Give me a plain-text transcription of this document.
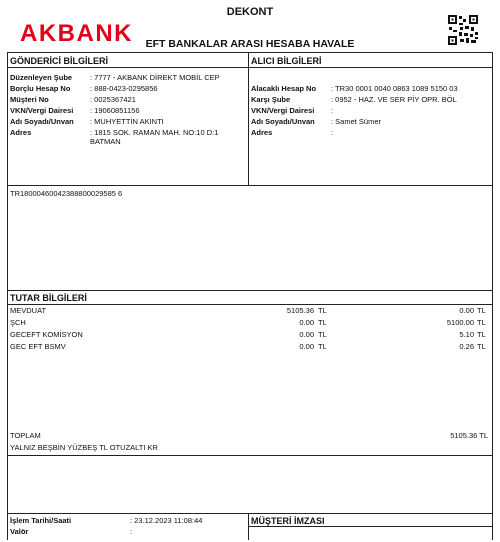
AKBANK
DEKONT
EFT BANKALAR ARASI HESABA HAVALE
GÖNDERİCİ BİLGİLERİ
Düzenleyen Şube : 7777 - AKBANK DİREKT MOBİL CEP
Borçlu Hesap No	: 888-0423-0295856
Müşteri No	: 0025367421
VKN/Vergi Dairesi : 19060851156
Adı Soyadı/Unvan : MUHYETTİN AKINTI
Adres	: 1815 SOK. RAMAN MAH. NO:10 D:1
BATMAN
ALICI BİLGİLERİ
Alacaklı Hesap No : TR30 0001 0040 0863 1089 5150 03
Karşı Şube	: 0952 - HAZ. VE SER PİY OPR. BÖL
VKN/Vergi Dairesi :
Adı Soyadı/Unvan : Samet Sümer
Adres	:
TR18000460042388800029585 6
TUTAR BİLGİLERİ
MEVDUAT	5105.36 TL	0.00 TL
ŞCH	0.00 TL	5100.00 TL
GECEFT KOMİSYON	0.00 TL	5.10 TL
GEC EFT BSMV	0.00 TL	0.26 TL
TOPLAM	5105.36 TL
YALNIZ BEŞBİN YÜZBEŞ TL OTUZALTI KR
İşlem Tarihi/Saati	: 23.12.2023 11:08:44
Valör	:
MÜŞTERİ İMZASI
